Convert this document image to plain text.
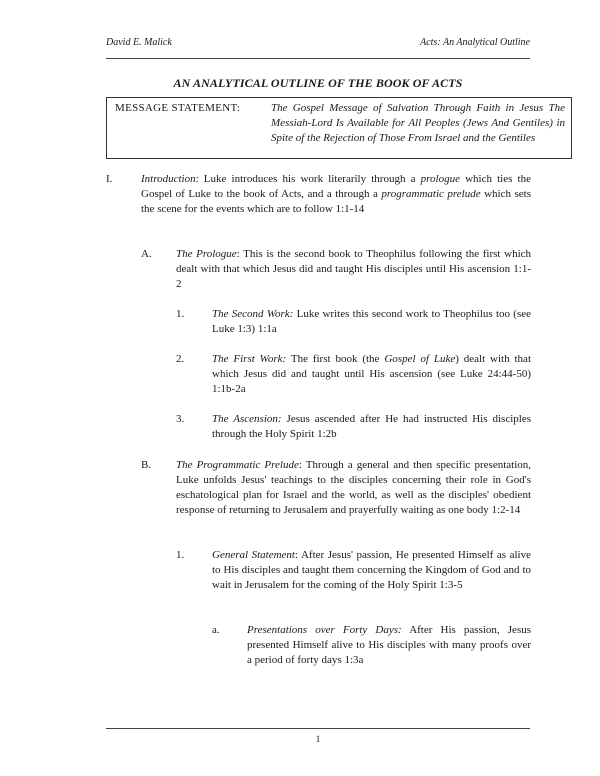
David E. Malick	Acts: An Analytical Outline
AN ANALYTICAL OUTLINE OF THE BOOK OF ACTS
MESSAGE STATEMENT:	The Gospel Message of Salvation Through Faith in Jesus The Messiah-Lord Is Available for All Peoples (Jews And Gentiles) in Spite of the Rejection of Those From Israel and the Gentiles
I.	Introduction: Luke introduces his work literarily through a prologue which ties the Gospel of Luke to the book of Acts, and a through a programmatic prelude which sets the scene for the events which are to follow 1:1-14
A. The Prologue: This is the second book to Theophilus following the first which dealt with that which Jesus did and taught His disciples until His ascension 1:1-2
1.	The Second Work: Luke writes this second work to Theophilus too (see Luke 1:3) 1:1a
2.	The First Work: The first book (the Gospel of Luke) dealt with that which Jesus did and taught until His ascension (see Luke 24:44-50) 1:1b-2a
3.	The Ascension: Jesus ascended after He had instructed His disciples through the Holy Spirit 1:2b
B. The Programmatic Prelude: Through a general and then specific presentation, Luke unfolds Jesus' teachings to the disciples concerning their role in God's eschatological plan for Israel and the world, as well as the disciples' obedient response of returning to Jerusalem and prayerfully waiting as one body 1:2-14
1.	General Statement: After Jesus' passion, He presented Himself as alive to His disciples and taught them concerning the Kingdom of God and to wait in Jerusalem for the coming of the Holy Spirit 1:3-5
a. Presentations over Forty Days: After His passion, Jesus presented Himself alive to His disciples with many proofs over a period of forty days 1:3a
1
